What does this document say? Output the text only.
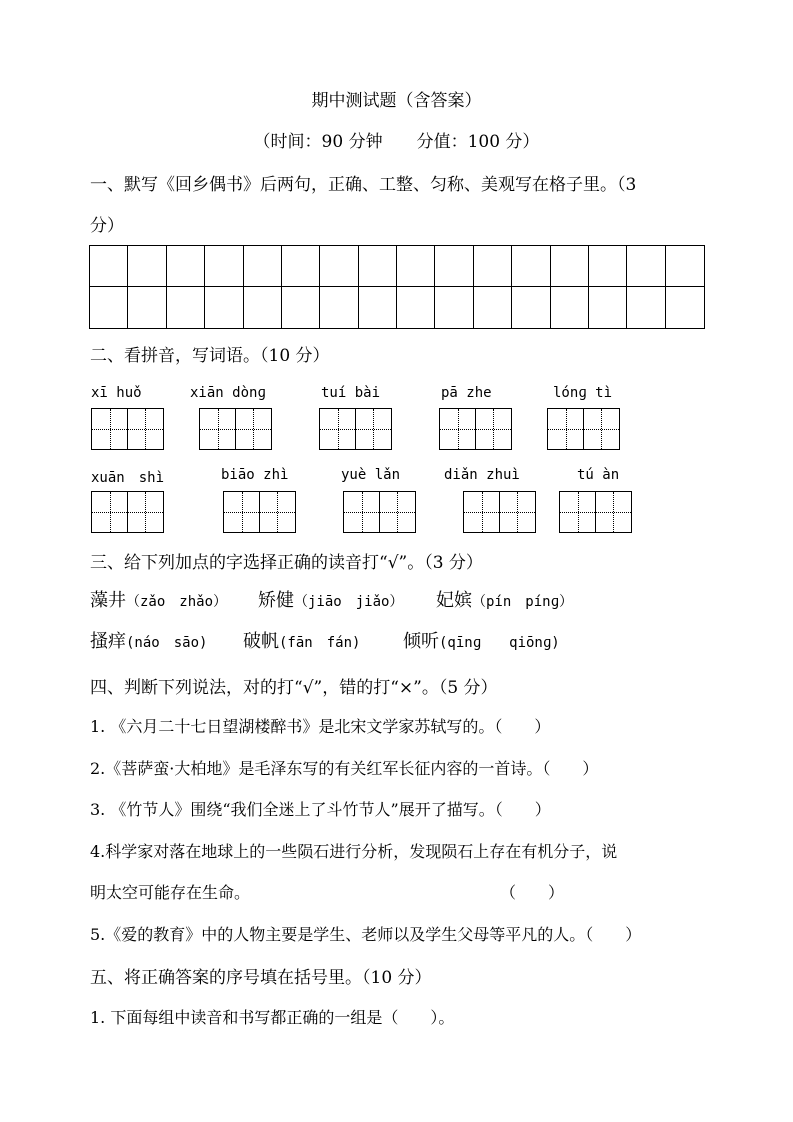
期中测试题（含答案）
（时间：90 分钟　　分值：100 分）
一、默写《回乡偶书》后两句，正确、工整、匀称、美观写在格子里。（3
分）
二、看拼音，写词语。（10 分）
xī huǒ	xiān dònɡ	tuí bài	pā zhe	lónɡ tì
xuān　shì	biāo zhì	yuè lǎn	diǎn zhuì	tú àn
三、给下列加点的字选择正确的读音打“√”。（3 分）
藻井（zǎo　zhǎo） 矫健（jiāo　jiǎo） 妃嫔（pín　pínɡ）
搔痒(náo　sāo) 破帆(fān　fán) 倾听(qīnɡ　　qiōnɡ)
四、判断下列说法，对的打“√”，错的打“×”。（5 分）
1. 《六月二十七日望湖楼醉书》是北宋文学家苏轼写的。（　　）
2.《菩萨蛮·大柏地》是毛泽东写的有关红军长征内容的一首诗。（　　）
3. 《竹节人》围绕“我们全迷上了斗竹节人”展开了描写。（　　）
4.科学家对落在地球上的一些陨石进行分析，发现陨石上存在有机分子，说
明太空可能存在生命。	（　　）
5.《爱的教育》中的人物主要是学生、老师以及学生父母等平凡的人。（　　）
五、将正确答案的序号填在括号里。（10 分）
1. 下面每组中读音和书写都正确的一组是（　　）。
